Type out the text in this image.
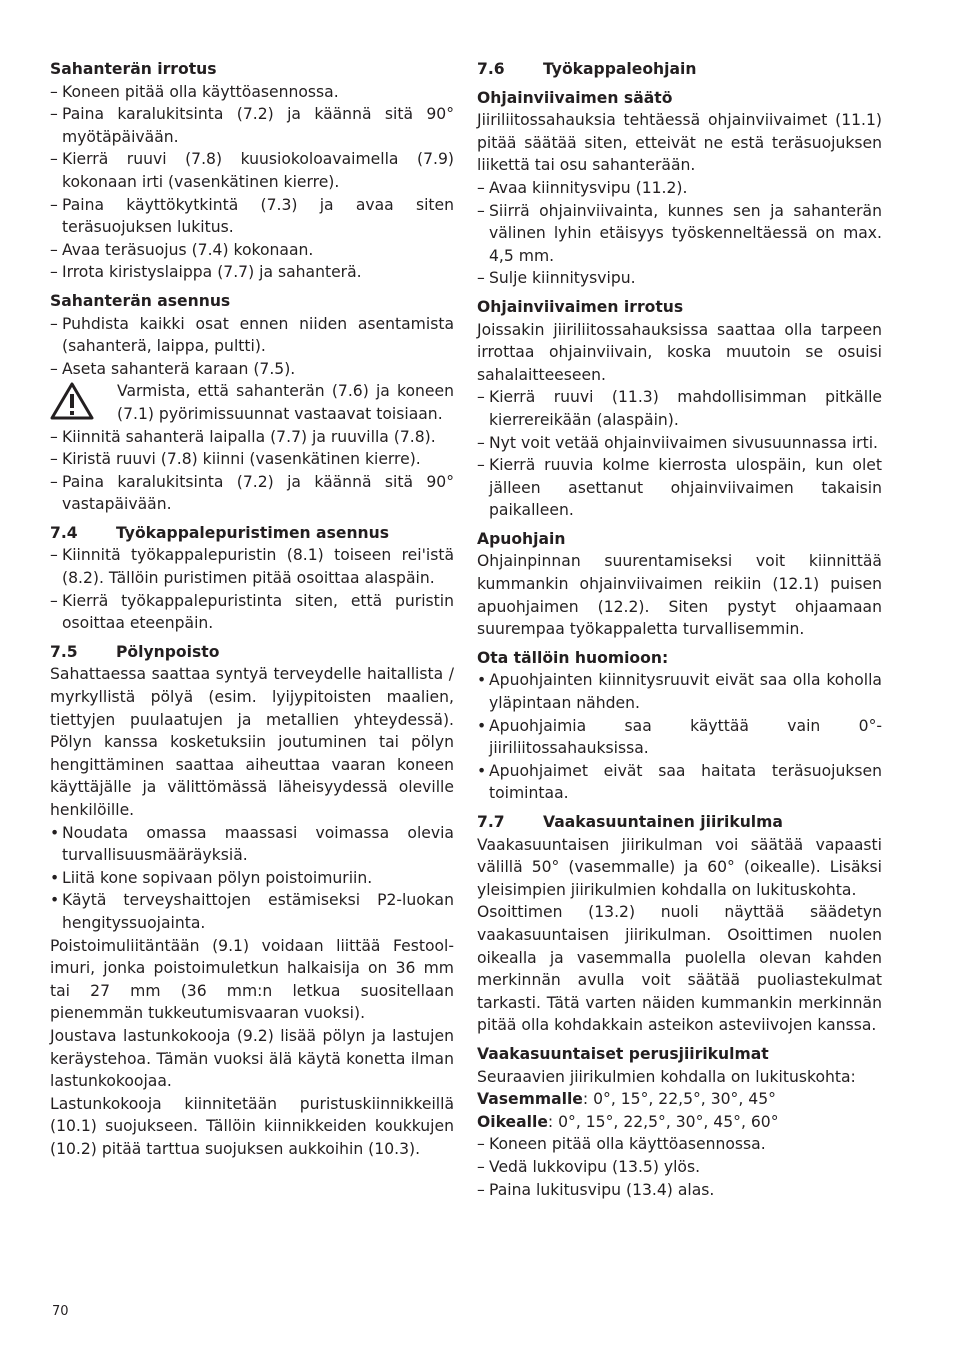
Sahanterän irrotus

– Koneen pitää olla käyttöasennossa.

– Paina karalukitsinta (7.2) ja käännä sitä 90° myötäpäivään.

– Kierrä ruuvi (7.8) kuusiokoloavaimella (7.9) kokonaan irti (vasenkätinen kierre).

– Paina käyttökytkintä (7.3) ja avaa siten teräsuojuksen lukitus.

– Avaa teräsuojus (7.4) kokonaan.

– Irrota kiristyslaippa (7.7) ja sahanterä.

Sahanterän asennus

– Puhdista kaikki osat ennen niiden asentamista (sahanterä, laippa, pultti).

– Aseta sahanterä karaan (7.5).

Varmista, että sahanterän (7.6) ja koneen (7.1) pyörimissuunnat vastaavat toisiaan.

– Kiinnitä sahanterä laipalla (7.7) ja ruuvilla (7.8).

– Kiristä ruuvi (7.8) kiinni (vasenkätinen kierre).

– Paina karalukitsinta (7.2) ja käännä sitä 90° vastapäivään.

7.4 Työkappalepuristimen asennus

– Kiinnitä työkappalepuristin (8.1) toiseen rei'istä (8.2). Tällöin puristimen pitää osoittaa alaspäin.

– Kierrä työkappalepuristinta siten, että puristin osoittaa eteenpäin.

7.5 Pölynpoisto

Sahattaessa saattaa syntyä terveydelle haitallista / myrkyllistä pölyä (esim. lyijypitoisten maalien, tiettyjen puulaatujen ja metallien yhteydessä). Pölyn kanssa kosketuksiin joutuminen tai pölyn hengittäminen saattaa aiheuttaa vaaran koneen käyttäjälle ja välittömässä läheisyydessä oleville henkilöille.

• Noudata omassa maassasi voimassa olevia turvallisuusmääräyksiä.

• Liitä kone sopivaan pölyn poistoimuriin.

• Käytä terveyshaittojen estämiseksi P2-luokan hengityssuojainta.

Poistoimuliitäntään (9.1) voidaan liittää Festool-imuri, jonka poistoimuletkun halkaisija on 36 mm tai 27 mm (36 mm:n letkua suositellaan pienemmän tukkeutumisvaaran vuoksi).

Joustava lastunkokooja (9.2) lisää pölyn ja lastujen keräystehoa. Tämän vuoksi älä käytä konetta ilman lastunkokoojaa.

Lastunkokooja kiinnitetään puristuskiinnikkeillä (10.1) suojukseen. Tällöin kiinnikkeiden koukkujen (10.2) pitää tarttua suojuksen aukkoihin (10.3).

7.6 Työkappaleohjain

Ohjainviivaimen säätö

Jiiriliitossahauksia tehtäessä ohjainviivaimet (11.1) pitää säätää siten, etteivät ne estä teräsuojuksen liikettä tai osu sahanterään.

– Avaa kiinnitysvipu (11.2).

– Siirrä ohjainviivainta, kunnes sen ja sahanterän välinen lyhin etäisyys työskenneltäessä on max. 4,5 mm.

– Sulje kiinnitysvipu.

Ohjainviivaimen irrotus

Joissakin jiiriliitossahauksissa saattaa olla tarpeen irrottaa ohjainviivain, koska muutoin se osuisi sahalaitteeseen.

– Kierrä ruuvi (11.3) mahdollisimman pitkälle kierrereikään (alaspäin).

– Nyt voit vetää ohjainviivaimen sivusuunnassa irti.

– Kierrä ruuvia kolme kierrosta ulospäin, kun olet jälleen asettanut ohjainviivaimen takaisin paikalleen.

Apuohjain

Ohjainpinnan suurentamiseksi voit kiinnittää kummankin ohjainviivaimen reikiin (12.1) puisen apuohjaimen (12.2). Siten pystyt ohjaamaan suurempaa työkappaletta turvallisemmin.

Ota tällöin huomioon:

• Apuohjainten kiinnitysruuvit eivät saa olla koholla yläpintaan nähden.

• Apuohjaimia saa käyttää vain 0°-jiiriliitossahauksissa.

• Apuohjaimet eivät saa haitata teräsuojuksen toimintaa.

7.7 Vaakasuuntainen jiirikulma

Vaakasuuntaisen jiirikulman voi säätää vapaasti välillä 50° (vasemmalle) ja 60° (oikealle). Lisäksi yleisimpien jiirikulmien kohdalla on lukituskohta.

Osoittimen (13.2) nuoli näyttää säädetyn vaakasuuntaisen jiirikulman. Osoittimen nuolen oikealla ja vasemmalla puolella olevan kahden merkinnän avulla voit säätää puoliastekulmat tarkasti. Tätä varten näiden kummankin merkinnän pitää olla kohdakkain asteikon asteviivojen kanssa.

Vaakasuuntaiset perusjiirikulmat

Seuraavien jiirikulmien kohdalla on lukituskohta:

Vasemmalle: 0°, 15°, 22,5°, 30°, 45°

Oikealle: 0°, 15°, 22,5°, 30°, 45°, 60°

– Koneen pitää olla käyttöasennossa.

– Vedä lukkovipu (13.5) ylös.

– Paina lukitusvipu (13.4) alas.

70
